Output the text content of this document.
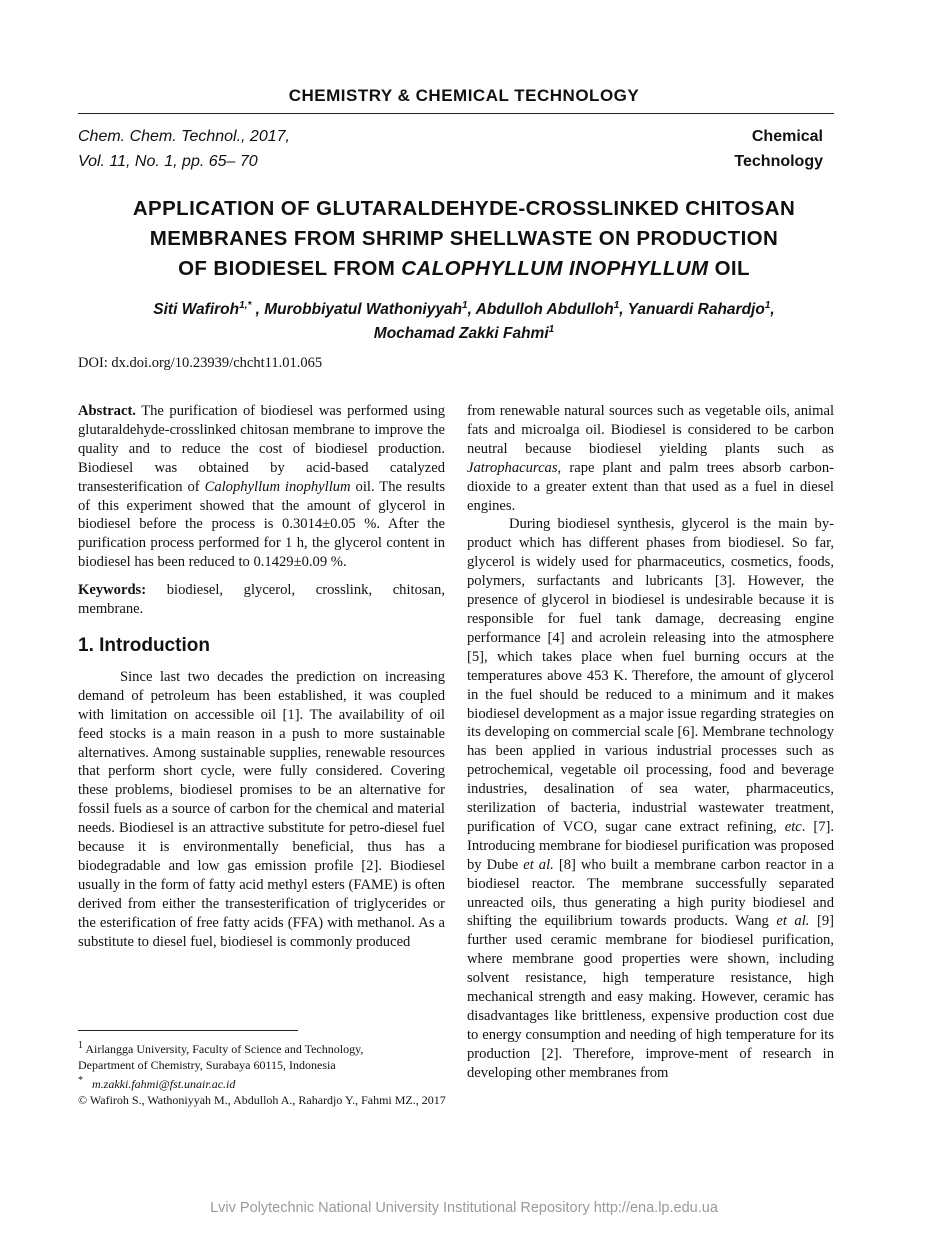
CHEMISTRY & CHEMICAL TECHNOLOGY
Chem. Chem. Technol., 2017,
Vol. 11, No. 1, pp. 65– 70
Chemical
Technology
APPLICATION OF GLUTARALDEHYDE-CROSSLINKED CHITOSAN
MEMBRANES FROM SHRIMP SHELLWASTE ON PRODUCTION
OF BIODIESEL FROM CALOPHYLLUM INOPHYLLUM OIL
Siti Wafiroh$^{1,*}$ , Murobbiyatul Wathoniyyah$^1$, Abdulloh Abdulloh$^1$, Yanuardi Rahardjo$^1$,
Mochamad Zakki Fahmi$^1$
DOI: dx.doi.org/10.23939/chcht11.01.065

Abstract. The purification of biodiesel was performed using glutaraldehyde-crosslinked chitosan membrane to improve the quality and to reduce the cost of biodiesel production. Biodiesel was obtained by acid-based catalyzed transesterification of Calophyllum inophyllum oil. The results of this experiment showed that the amount of glycerol in biodiesel before the process is 0.3014±0.05 %. After the purification process performed for 1 h, the glycerol content in biodiesel has been reduced to 0.1429±0.09 %.

Keywords: biodiesel, glycerol, crosslink, chitosan, membrane.

1. Introduction

Since last two decades the prediction on increasing demand of petroleum has been established, it was coupled with limitation on accessible oil [1]. The availability of oil feed stocks is a main reason in a push to more sustainable alternatives. Among sustainable supplies, renewable resources that perform short cycle, were fully considered. Covering these problems, biodiesel promises to be an alternative for fossil fuels as a source of carbon for the chemical and material needs. Biodiesel is an attractive substitute for petro-diesel fuel because it is environmentally beneficial, thus has a biodegradable and low gas emission profile [2]. Biodiesel usually in the form of fatty acid methyl esters (FAME) is often derived from either the transesterification of triglycerides or the esterification of free fatty acids (FFA) with methanol. As a substitute to diesel fuel, biodiesel is commonly produced

from renewable natural sources such as vegetable oils, animal fats and microalga oil. Biodiesel is considered to be carbon neutral because biodiesel yielding plants such as Jatrophacurcas, rape plant and palm trees absorb carbon-dioxide to a greater extent than that used as a fuel in diesel engines.

During biodiesel synthesis, glycerol is the main by-product which has different phases from biodiesel. So far, glycerol is widely used for pharmaceutics, cosmetics, foods, polymers, surfactants and lubricants [3]. However, the presence of glycerol in biodiesel is undesirable because it is responsible for fuel tank damage, decreasing engine performance [4] and acrolein releasing into the atmosphere [5], which takes place when fuel burning occurs at the temperatures above 453 K. Therefore, the amount of glycerol in the fuel should be reduced to a minimum and it makes biodiesel development as a major issue regarding strategies on its developing on commercial scale [6]. Membrane technology has been applied in various industrial processes such as petrochemical, vegetable oil processing, food and beverage industries, desalination of sea water, pharmaceutics, sterilization of bacteria, industrial wastewater treatment, purification of VCO, sugar cane extract refining, etc. [7]. Introducing membrane for biodiesel purification was proposed by Dube et al. [8] who built a membrane carbon reactor in a biodiesel reactor. The membrane successfully separated unreacted oils, thus generating a high purity biodiesel and shifting the equilibrium towards products. Wang et al. [9] further used ceramic membrane for biodiesel purification, where membrane good properties were shown, including solvent resistance, high temperature resistance, high mechanical strength and easy making. However, ceramic has disadvantages like brittleness, expensive production cost due to energy consumption and needing of high temperature for its production [2]. Therefore, improve-ment of research in developing other membranes from

$^1$ Airlangga University, Faculty of Science and Technology,
Department of Chemistry, Surabaya 60115, Indonesia
* m.zakki.fahmi@fst.unair.ac.id
© Wafiroh S., Wathoniyyah M., Abdulloh A., Rahardjo Y., Fahmi MZ., 2017
Lviv Polytechnic National University Institutional Repository http://ena.lp.edu.ua
